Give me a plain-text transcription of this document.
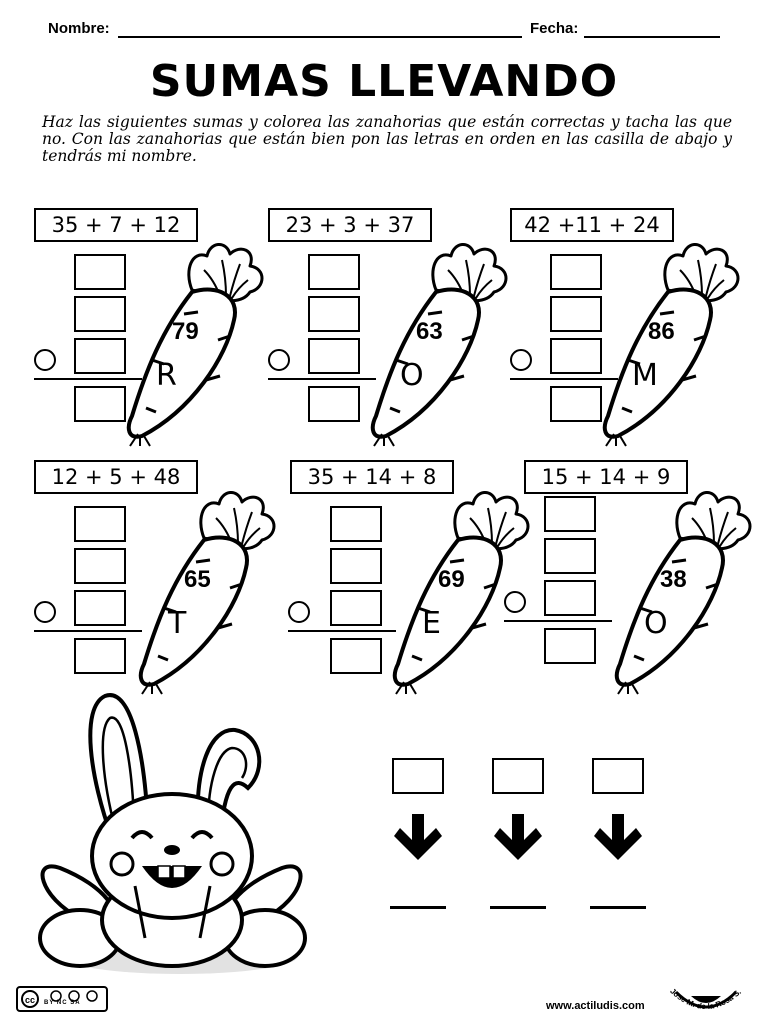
Nombre:	Fecha:
SUMAS LLEVANDO
Haz las siguientes sumas y colorea las zanahorias que están correctas y tacha las que no. Con las zanahorias que están bien pon las letras en orden en las casilla de abajo y tendrás mi nombre.
35 + 7 + 12
79
R
23 + 3 + 37
63
O
42 +11 + 24
86
M
12 + 5 + 48
65
T
35 + 14 + 8
69
E
15 + 14 + 9
38
O
cc BY NC SA	www.actiludis.com
Jose M. de la Rosa S.
